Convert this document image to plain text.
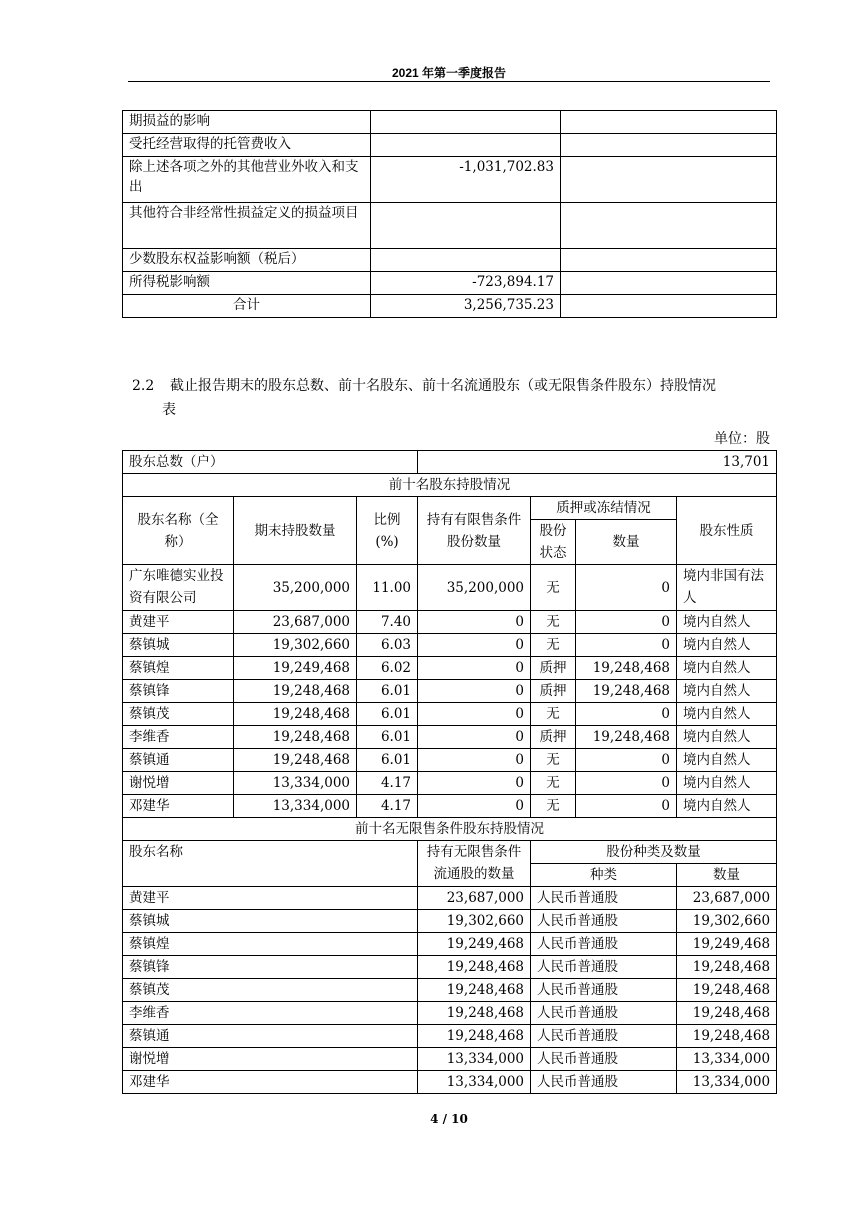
2021 年第一季度报告
期损益的影响		
受托经营取得的托管费收入		
除上述各项之外的其他营业外收入和支出	-1,031,702.83	
其他符合非经常性损益定义的损益项目		
少数股东权益影响额（税后）		
所得税影响额	-723,894.17	
合计	3,256,735.23	
2.2 截止报告期末的股东总数、前十名股东、前十名流通股东（或无限售条件股东）持股情况
表
单位：股
股东总数（户）			13,701			
前十名股东持股情况						
股东名称（全称）	期末持股数量	比例(%)	持有有限售条件股份数量	质押或冻结情况		股东性质
				股份状态	数量	
广东唯德实业投资有限公司	35,200,000	11.00	35,200,000	无	0	境内非国有法人
黄建平	23,687,000	7.40	0	无	0	境内自然人
蔡镇城	19,302,660	6.03	0	无	0	境内自然人
蔡镇煌	19,249,468	6.02	0	质押	19,248,468	境内自然人
蔡镇锋	19,248,468	6.01	0	质押	19,248,468	境内自然人
蔡镇茂	19,248,468	6.01	0	无	0	境内自然人
李维香	19,248,468	6.01	0	质押	19,248,468	境内自然人
蔡镇通	19,248,468	6.01	0	无	0	境内自然人
谢悦增	13,334,000	4.17	0	无	0	境内自然人
邓建华	13,334,000	4.17	0	无	0	境内自然人
前十名无限售条件股东持股情况						
股东名称			持有无限售条件流通股的数量	股份种类及数量		
				种类		数量
黄建平			23,687,000	人民币普通股		23,687,000
蔡镇城			19,302,660	人民币普通股		19,302,660
蔡镇煌			19,249,468	人民币普通股		19,249,468
蔡镇锋			19,248,468	人民币普通股		19,248,468
蔡镇茂			19,248,468	人民币普通股		19,248,468
李维香			19,248,468	人民币普通股		19,248,468
蔡镇通			19,248,468	人民币普通股		19,248,468
谢悦增			13,334,000	人民币普通股		13,334,000
邓建华			13,334,000	人民币普通股		13,334,000
4 / 10
